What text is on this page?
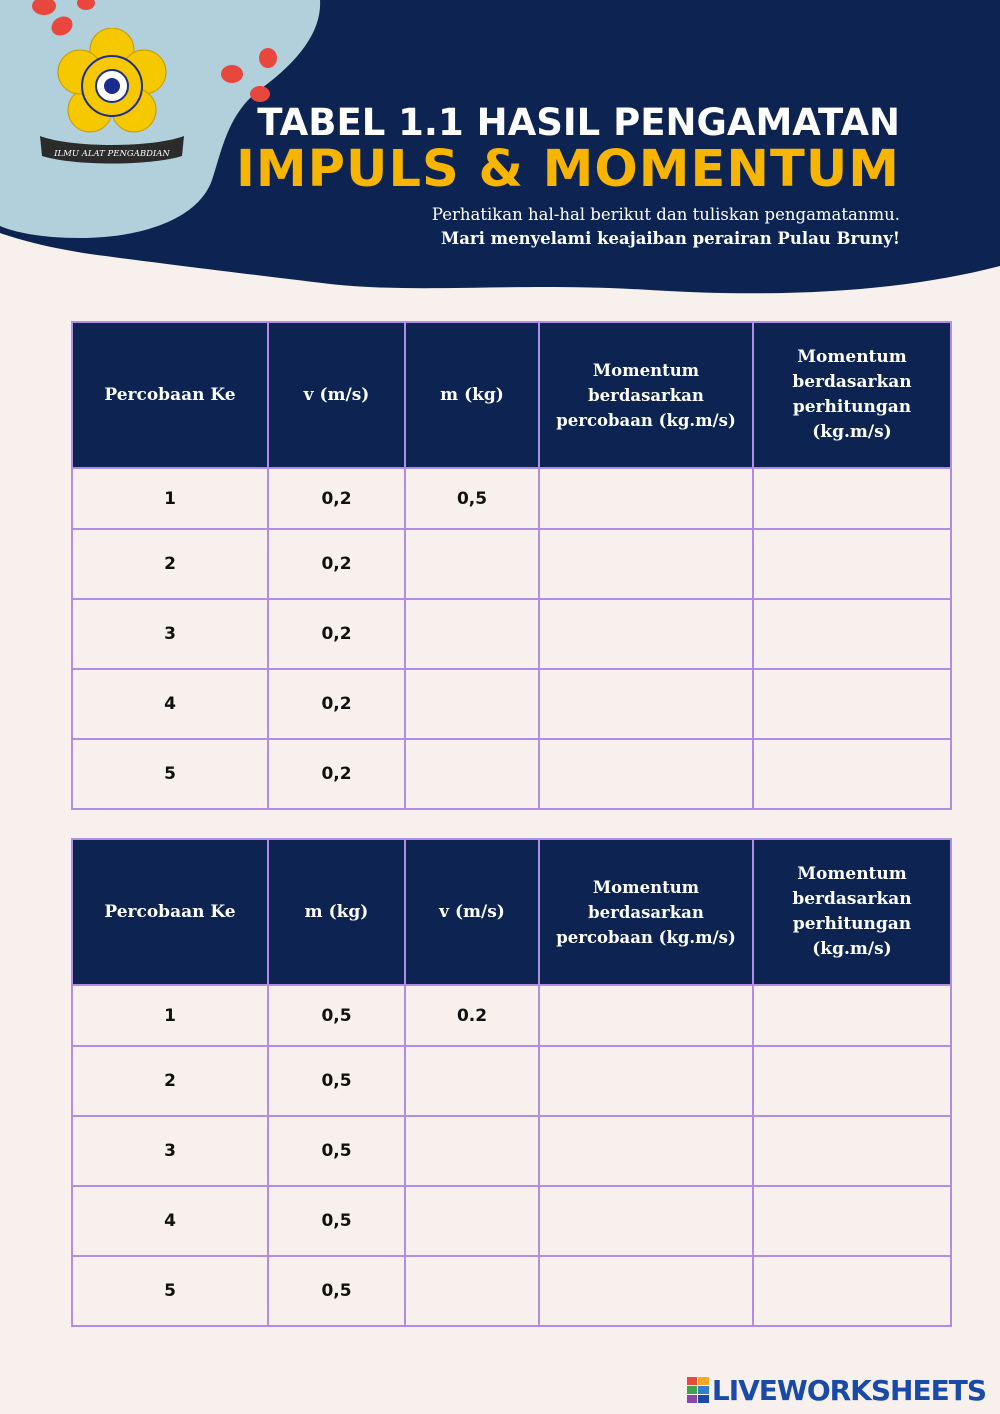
ILMU ALAT PENGABDIAN
TABEL 1.1 HASIL PENGAMATAN
IMPULS & MOMENTUM
Perhatikan hal-hal berikut dan tuliskan pengamatanmu.
Mari menyelami keajaiban perairan Pulau Bruny!
Percobaan Ke	v (m/s)	m (kg)	Momentum berdasarkan percobaan (kg.m/s)	Momentum berdasarkan perhitungan (kg.m/s)
1	0,2	0,5		
2	0,2			
3	0,2			
4	0,2			
5	0,2			
Percobaan Ke	m (kg)	v (m/s)	Momentum berdasarkan percobaan (kg.m/s)	Momentum berdasarkan perhitungan (kg.m/s)
1	0,5	0.2		
2	0,5			
3	0,5			
4	0,5			
5	0,5			
LIVEWORKSHEETS
